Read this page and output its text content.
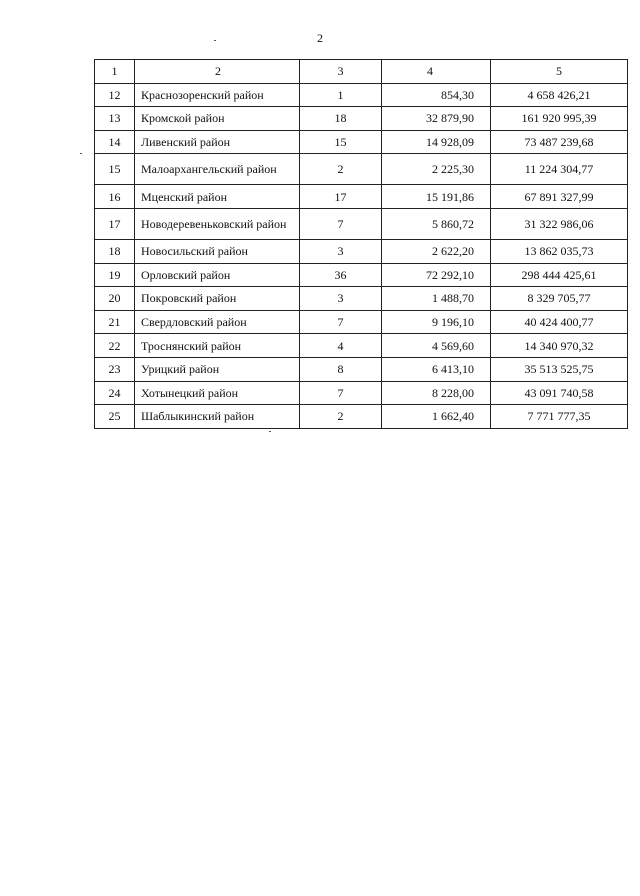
2
1	2	3	4	5
12	Краснозоренский район	1	854,30	4 658 426,21
13	Кромской район	18	32 879,90	161 920 995,39
14	Ливенский район	15	14 928,09	73 487 239,68
15	Малоархангельский район	2	2 225,30	11 224 304,77
16	Мценский район	17	15 191,86	67 891 327,99
17	Новодеревеньковский район	7	5 860,72	31 322 986,06
18	Новосильский район	3	2 622,20	13 862 035,73
19	Орловский район	36	72 292,10	298 444 425,61
20	Покровский район	3	1 488,70	8 329 705,77
21	Свердловский район	7	9 196,10	40 424 400,77
22	Троснянский район	4	4 569,60	14 340 970,32
23	Урицкий район	8	6 413,10	35 513 525,75
24	Хотынецкий район	7	8 228,00	43 091 740,58
25	Шаблыкинский район	2	1 662,40	7 771 777,35
